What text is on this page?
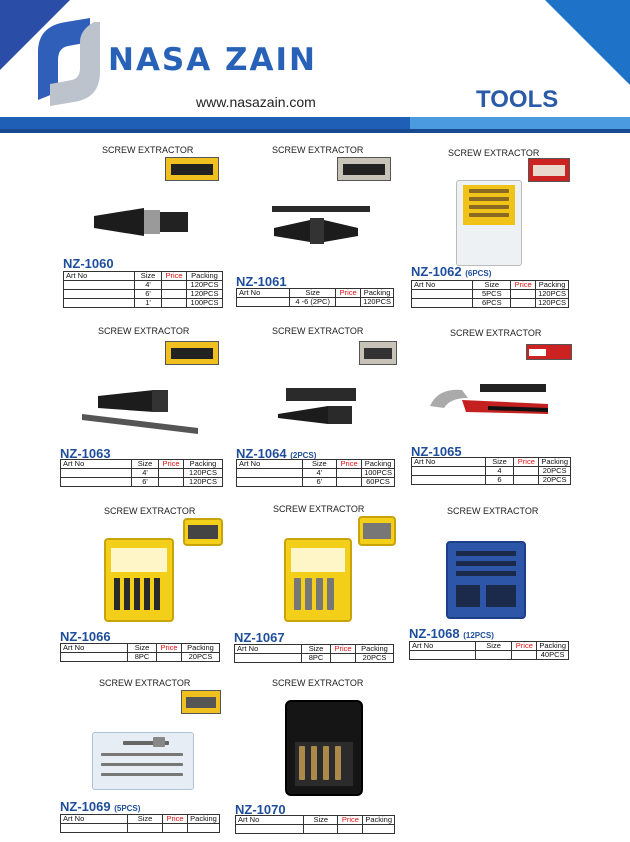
NASA ZAIN
www.nasazain.com	TOOLS
SCREW EXTRACTOR
NZ-1060
Art No	Size	Price	Packing
	4'		120PCS
	6'		120PCS
	1'		100PCS
SCREW EXTRACTOR
NZ-1061
Art No	Size	Price	Packing
	4 -6 (2PC)		120PCS
SCREW EXTRACTOR
NZ-1062 (6PCS)
Art No	Size	Price	Packing
	5PCS		120PCS
	6PCS		120PCS
SCREW EXTRACTOR
NZ-1063
Art No	Size	Price	Packing
	4'		120PCS
	6'		120PCS
SCREW EXTRACTOR
NZ-1064 (2PCS)
Art No	Size	Price	Packing
	4'		100PCS
	6'		60PCS
SCREW EXTRACTOR
NZ-1065
Art No	Size	Price	Packing
	4		20PCS
	6		20PCS
SCREW EXTRACTOR
NZ-1066
Art No	Size	Price	Packing
	8PC		20PCS
SCREW EXTRACTOR
NZ-1067
Art No	Size	Price	Packing
	8PC		20PCS
SCREW EXTRACTOR
NZ-1068 (12PCS)
Art No	Size	Price	Packing
			40PCS
SCREW EXTRACTOR
NZ-1069 (5PCS)
Art No	Size	Price	Packing

SCREW EXTRACTOR
NZ-1070
Art No	Size	Price	Packing
